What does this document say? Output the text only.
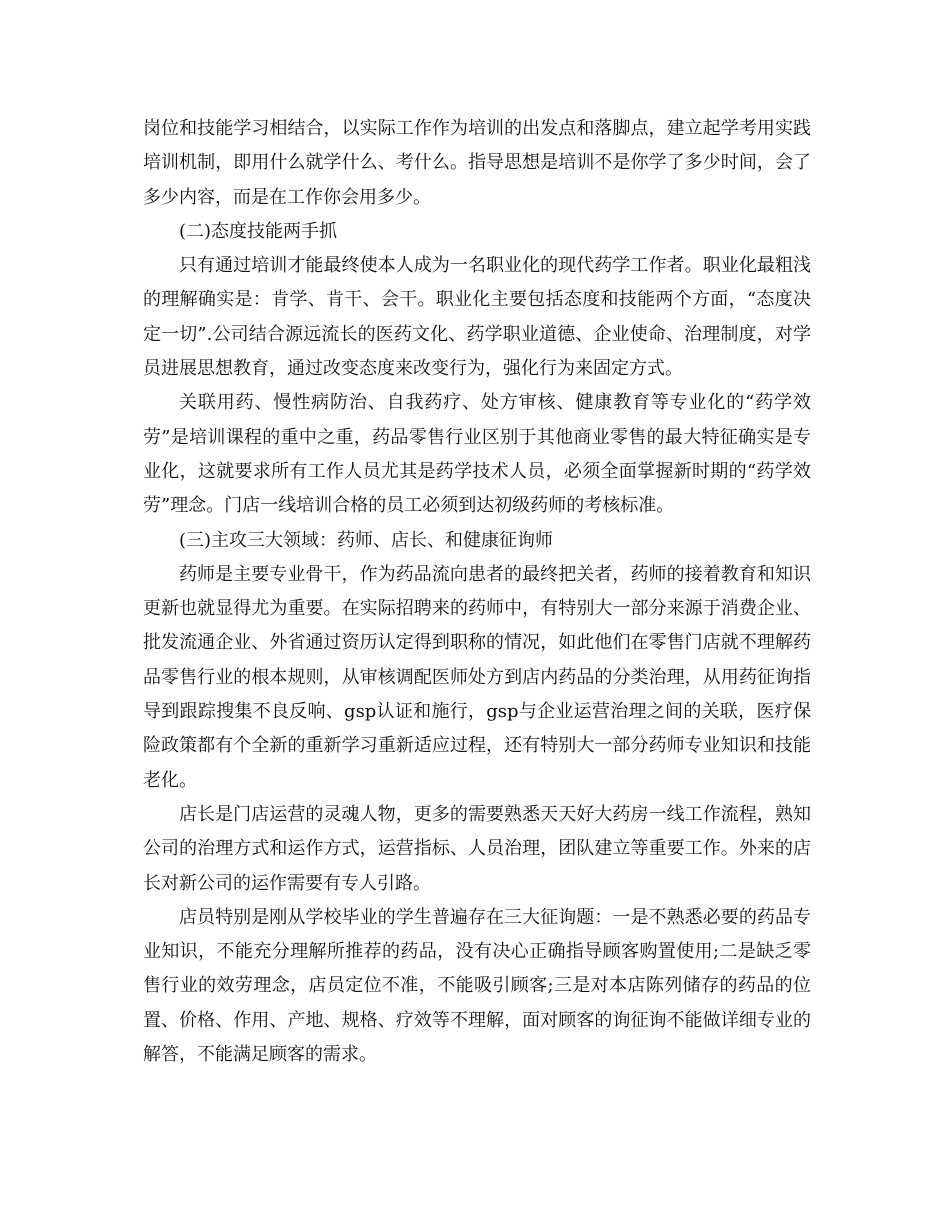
岗位和技能学习相结合，以实际工作作为培训的出发点和落脚点，建立起学考用实践培训机制，即用什么就学什么、考什么。指导思想是培训不是你学了多少时间，会了多少内容，而是在工作你会用多少。

(二)态度技能两手抓

只有通过培训才能最终使本人成为一名职业化的现代药学工作者。职业化最粗浅的理解确实是：肯学、肯干、会干。职业化主要包括态度和技能两个方面，“态度决定一切”.公司结合源远流长的医药文化、药学职业道德、企业使命、治理制度，对学员进展思想教育，通过改变态度来改变行为，强化行为来固定方式。

关联用药、慢性病防治、自我药疗、处方审核、健康教育等专业化的“药学效劳”是培训课程的重中之重，药品零售行业区别于其他商业零售的最大特征确实是专业化，这就要求所有工作人员尤其是药学技术人员，必须全面掌握新时期的“药学效劳”理念。门店一线培训合格的员工必须到达初级药师的考核标准。

(三)主攻三大领域：药师、店长、和健康征询师

药师是主要专业骨干，作为药品流向患者的最终把关者，药师的接着教育和知识更新也就显得尤为重要。在实际招聘来的药师中，有特别大一部分来源于消费企业、批发流通企业、外省通过资历认定得到职称的情况，如此他们在零售门店就不理解药品零售行业的根本规则，从审核调配医师处方到店内药品的分类治理，从用药征询指导到跟踪搜集不良反响、gsp认证和施行，gsp与企业运营治理之间的关联，医疗保险政策都有个全新的重新学习重新适应过程，还有特别大一部分药师专业知识和技能老化。

店长是门店运营的灵魂人物，更多的需要熟悉天天好大药房一线工作流程，熟知公司的治理方式和运作方式，运营指标、人员治理，团队建立等重要工作。外来的店长对新公司的运作需要有专人引路。

店员特别是刚从学校毕业的学生普遍存在三大征询题：一是不熟悉必要的药品专业知识，不能充分理解所推荐的药品，没有决心正确指导顾客购置使用;二是缺乏零售行业的效劳理念，店员定位不准，不能吸引顾客;三是对本店陈列储存的药品的位置、价格、作用、产地、规格、疗效等不理解，面对顾客的询征询不能做详细专业的解答，不能满足顾客的需求。
